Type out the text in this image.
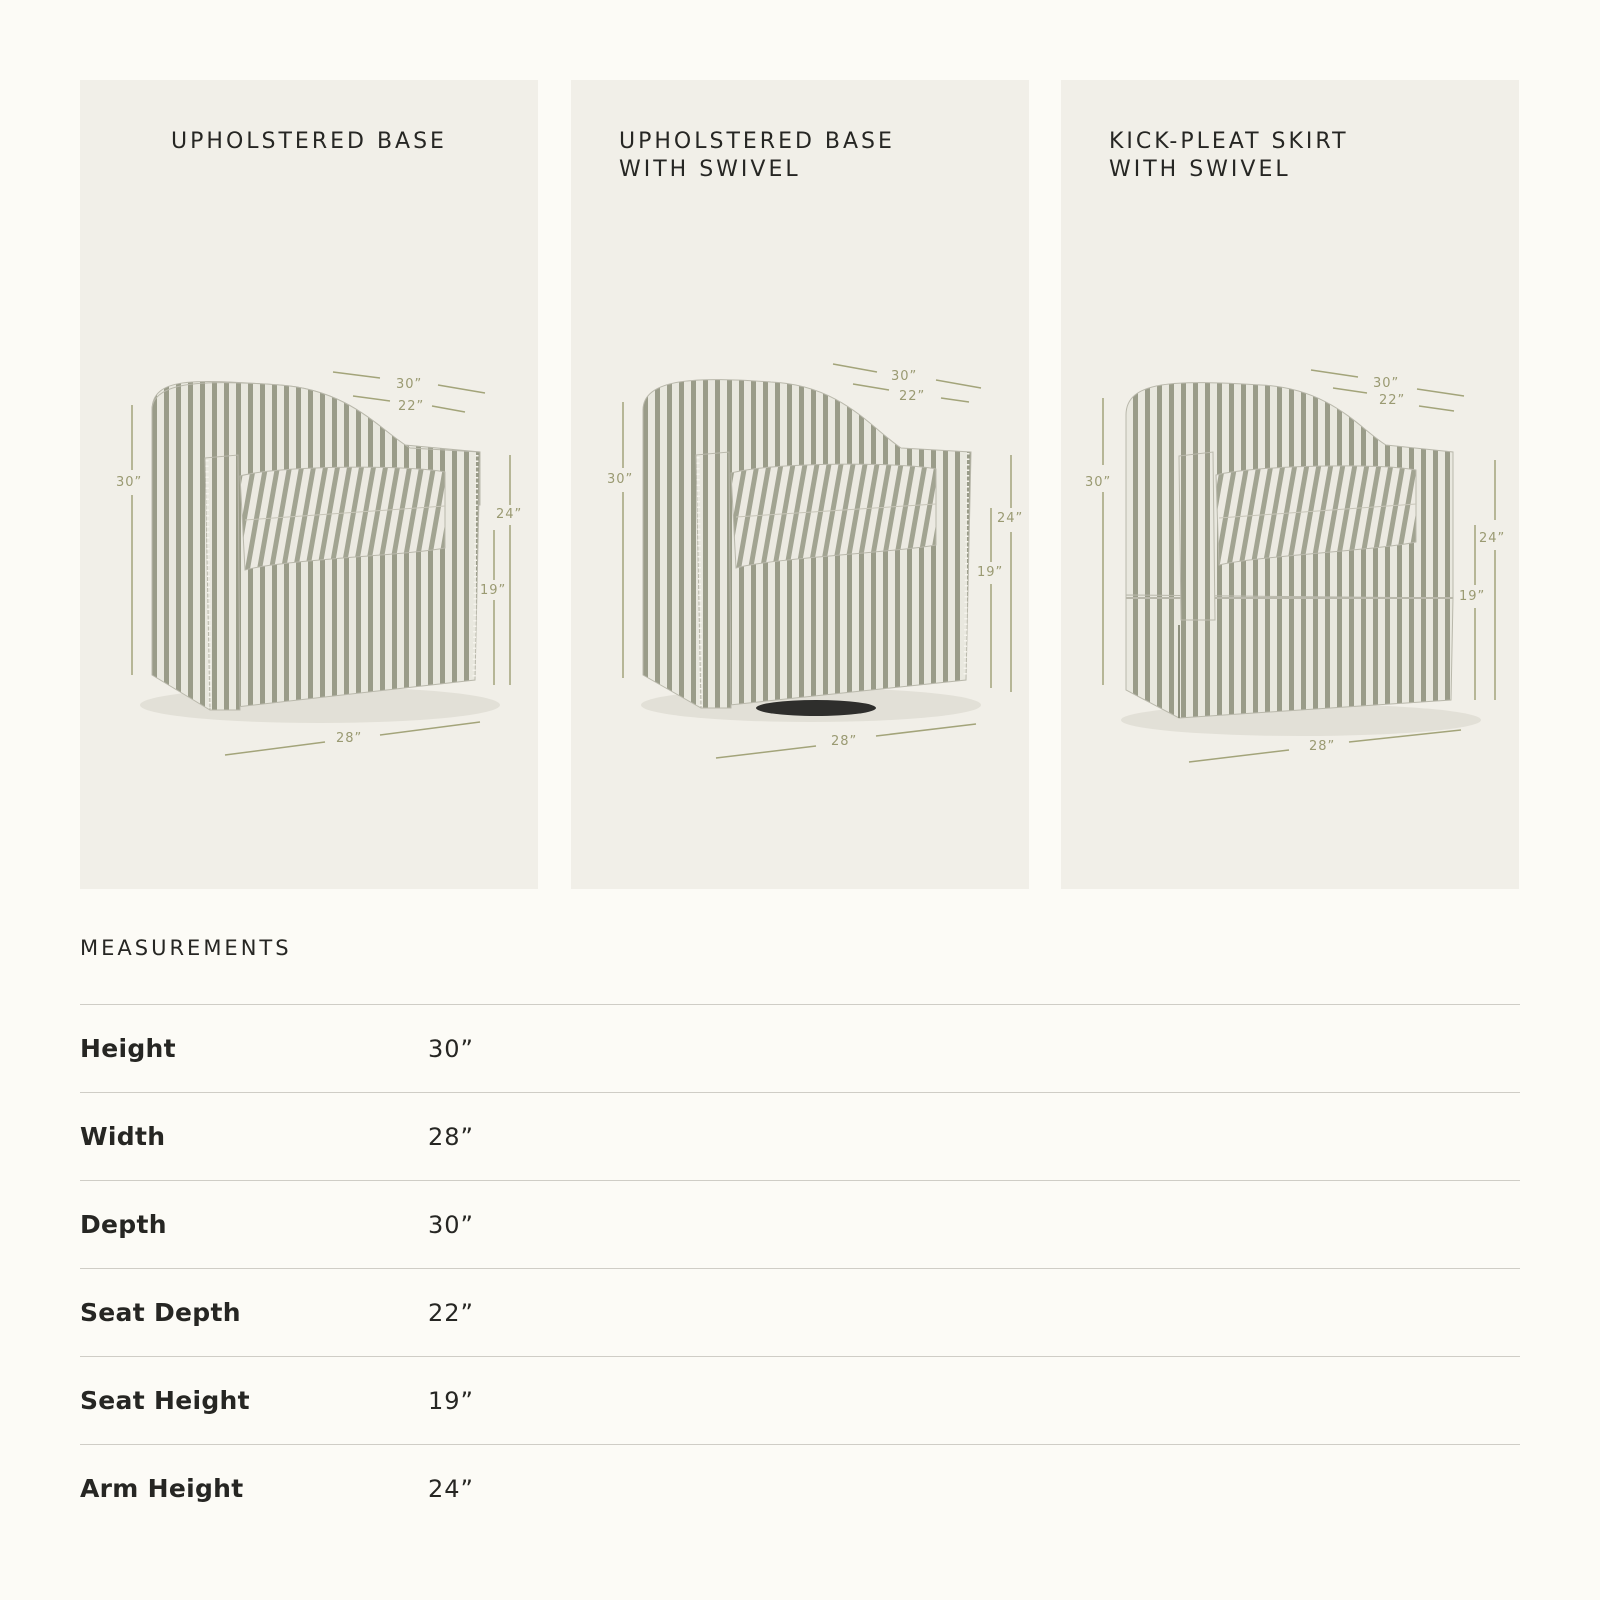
UPHOLSTERED BASE
30”
22”
30”
24”
19”
28”
UPHOLSTERED BASE
WITH SWIVEL
30”
22”
30”
24”
19”
28”
KICK-PLEAT SKIRT
WITH SWIVEL
30”
22”
30”
24”
19”
28”
MEASUREMENTS
Height	30”
Width	28”
Depth	30”
Seat Depth	22”
Seat Height	19”
Arm Height	24”
